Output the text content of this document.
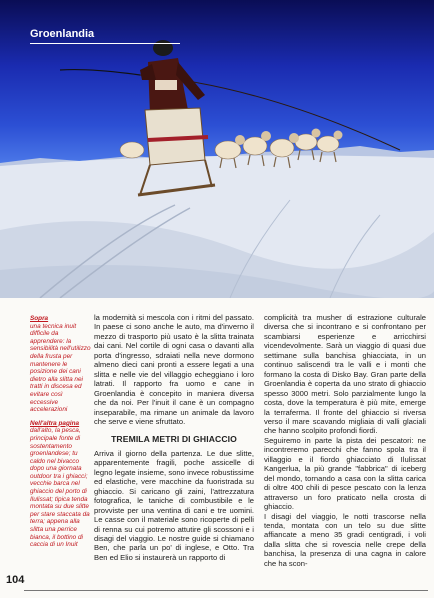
Groenlandia

Sopra
una tecnica inuit difficile da apprendere: la sensibilità nell'utilizzo della frusta per mantenere le posizione dei cani dietro alla slitta nei tratti in discesa ed evitare così eccessive accelerazioni

Nell'altra pagina
dall'alto, la pesca, principale fonte di sostentamento groenlandese; tu caldo nel bivacco dopo una giornata outdoor tra i ghiacci; vecchie barca nel ghiaccio del porto di Ilulissat; tipica tenda montata su due slitte per stare staccata da terra; appena alla slitta una perrice bianca, il bottino di caccia di un Inuit

la modernità si mescola con i ritmi del passato. In paese ci sono anche le auto, ma d'inverno il mezzo di trasporto più usato è la slitta trainata dai cani. Nel cortile di ogni casa o davanti alla porta d'ingresso, sdraiati nella neve dormono almeno dieci cani pronti a essere legati a una slitta e nelle vie del villaggio echeggiano i loro latrati. Il rapporto fra uomo e cane in Groenlandia è concepito in maniera diversa che da noi. Per l'inuit il cane è un compagno inseparabile, ma rimane un animale da lavoro che serve e viene sfruttato.

TREMILA METRI DI GHIACCIO

Arriva il giorno della partenza. Le due slitte, apparentemente fragili, poche assicelle di legno legate insieme, sono invece robustissime ed elastiche, vere macchine da fuoristrada su ghiaccio. Si caricano gli zaini, l'attrezzatura fotografica, le taniche di combustibile e le provviste per una ventina di cani e tre uomini. Le casse con il materiale sono ricoperte di pelli di renna su cui potremo attutire gli scossoni e i disagi del viaggio. Le nostre guide si chiamano Ben, che parla un po' di inglese, e Otto. Tra Ben ed Elio si instaurerà un rapporto di

complicità tra musher di estrazione culturale diversa che si incontrano e si confrontano per scambiarsi esperienze e arricchirsi vicendevolmente. Sarà un viaggio di quasi due settimane sulla banchisa ghiacciata, in un continuo saliscendi tra le valli e i monti che formano la costa di Disko Bay. Gran parte della Groenlandia è coperta da uno strato di ghiaccio spesso 3000 metri. Solo parzialmente lungo la costa, dove la temperatura è più mite, emerge la terraferma. Il fronte del ghiaccio si riversa verso il mare scavando migliaia di valli glaciali che hanno scolpito profondi fiordi.

Seguiremo in parte la pista dei pescatori: ne incontreremo parecchi che fanno spola tra il villaggio e il fiordo ghiacciato di Ilulissat Kangerlua, la più grande "fabbrica" di iceberg del mondo, tornando a casa con la slitta carica di oltre 400 chili di pesce pescato con la lenza attraverso un foro praticato nella crosta di ghiaccio.

I disagi del viaggio, le notti trascorse nella tenda, montata con un telo su due slitte affiancate a meno 35 gradi centigradi, i voli dalla slitta che si rovescia nelle crepe della banchisa, la presenza di una cagna in calore che ha scon-

104
